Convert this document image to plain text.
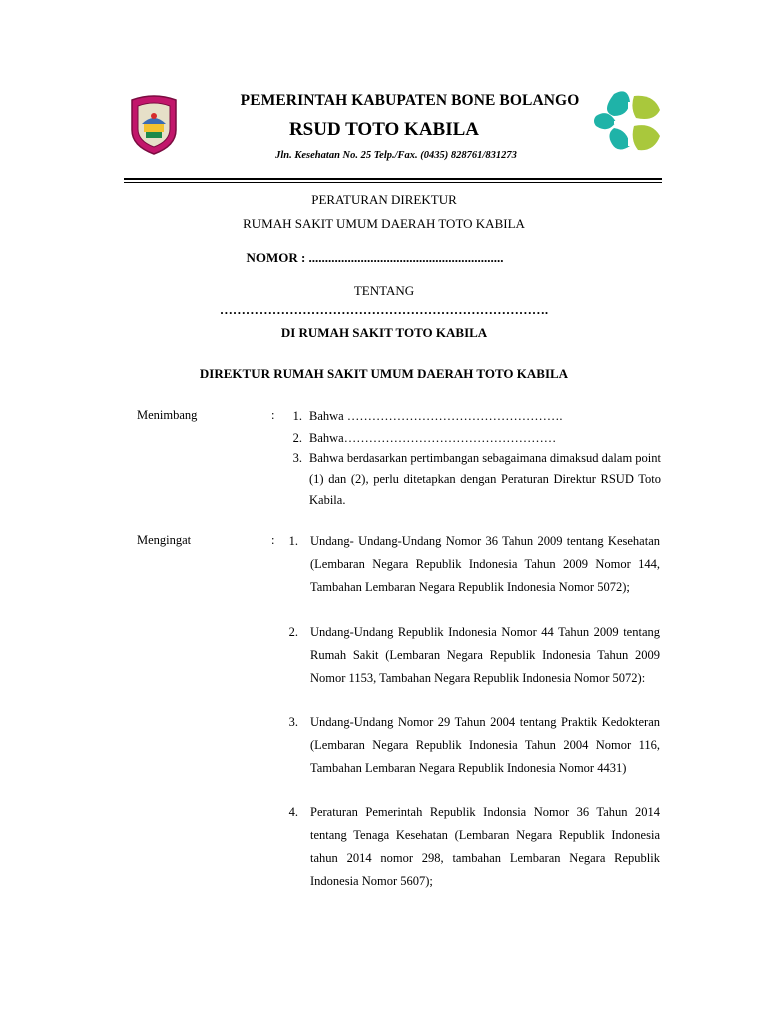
PEMERINTAH KABUPATEN BONE BOLANGO
RSUD TOTO KABILA
Jln. Kesehatan No. 25 Telp./Fax. (0435) 828761/831273
PERATURAN DIREKTUR
RUMAH SAKIT UMUM DAERAH TOTO KABILA
NOMOR : ............................................................
TENTANG
………………………………………………………………….
DI RUMAH SAKIT TOTO KABILA
DIREKTUR RUMAH SAKIT UMUM DAERAH TOTO KABILA
Menimbang	:	1. Bahwa …………………………………………….
2. Bahwa……………………………………………
3. Bahwa berdasarkan pertimbangan sebagaimana dimaksud dalam point (1) dan (2), perlu ditetapkan dengan Peraturan Direktur RSUD Toto Kabila.
Mengingat	:	1. Undang- Undang-Undang Nomor 36 Tahun 2009 tentang Kesehatan (Lembaran Negara Republik Indonesia Tahun 2009 Nomor 144, Tambahan Lembaran Negara Republik Indonesia Nomor 5072);
2. Undang-Undang Republik Indonesia Nomor 44 Tahun 2009 tentang Rumah Sakit (Lembaran Negara Republik Indonesia Tahun 2009 Nomor 1153, Tambahan Negara Republik Indonesia Nomor 5072):
3. Undang-Undang Nomor 29 Tahun 2004 tentang Praktik Kedokteran (Lembaran Negara Republik Indonesia Tahun 2004 Nomor 116, Tambahan Lembaran Negara Republik Indonesia Nomor 4431)
4. Peraturan Pemerintah Republik Indonsia Nomor 36 Tahun 2014 tentang Tenaga Kesehatan (Lembaran Negara Republik Indonesia tahun 2014 nomor 298, tambahan Lembaran Negara Republik Indonesia Nomor 5607);
